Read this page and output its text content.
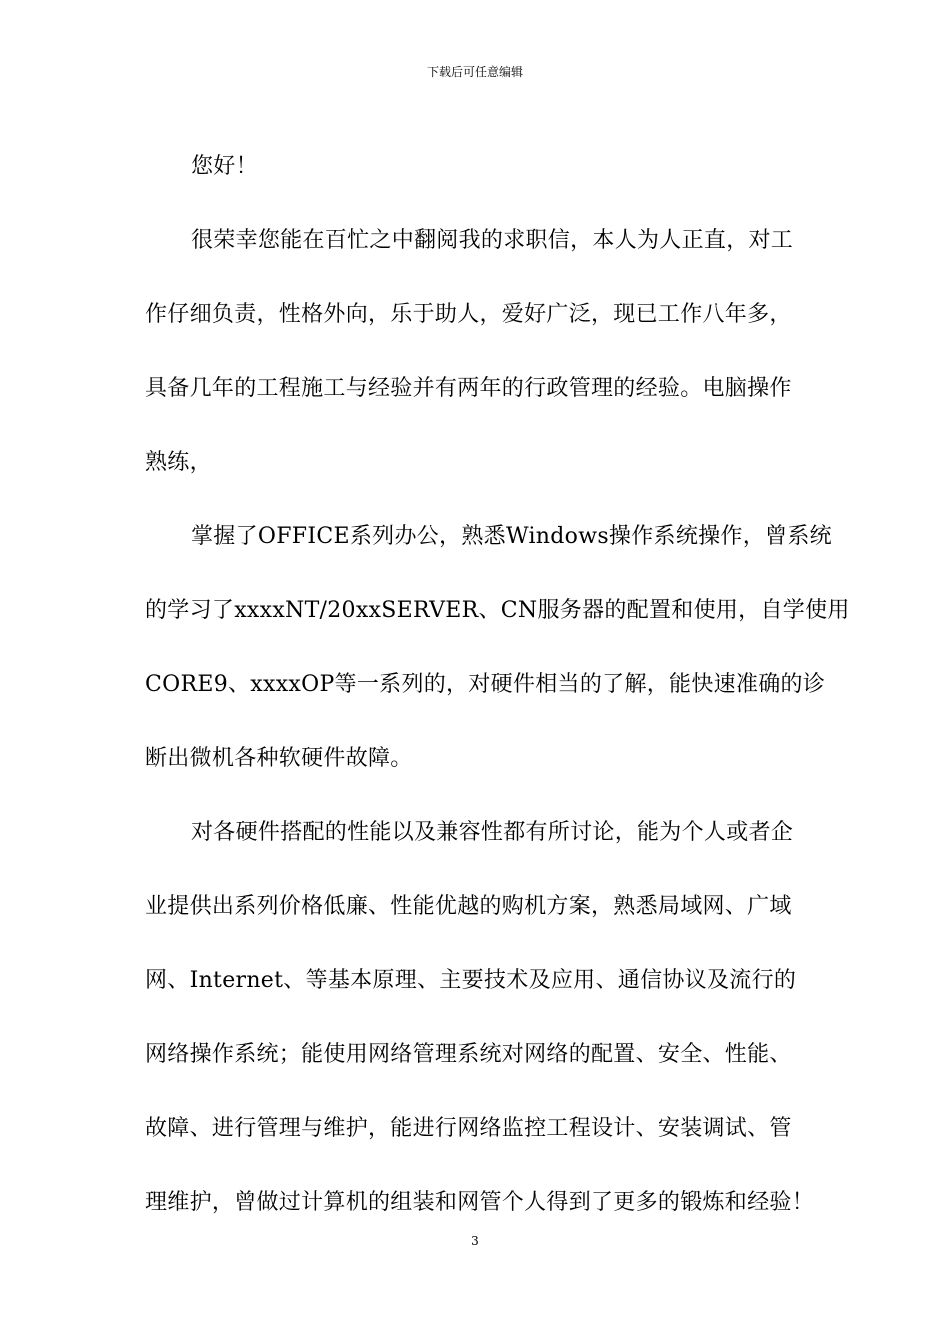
下载后可任意编辑
您好！
很荣幸您能在百忙之中翻阅我的求职信，本人为人正直，对工
作仔细负责，性格外向，乐于助人，爱好广泛，现已工作八年多，
具备几年的工程施工与经验并有两年的行政管理的经验。电脑操作
熟练，
掌握了OFFICE系列办公，熟悉Windows操作系统操作，曾系统
的学习了xxxxNT/20xxSERVER、CN服务器的配置和使用，自学使用
CORE9、xxxxOP等一系列的，对硬件相当的了解，能快速准确的诊
断出微机各种软硬件故障。
对各硬件搭配的性能以及兼容性都有所讨论，能为个人或者企
业提供出系列价格低廉、性能优越的购机方案，熟悉局域网、广域
网、Internet、等基本原理、主要技术及应用、通信协议及流行的
网络操作系统；能使用网络管理系统对网络的配置、安全、性能、
故障、进行管理与维护，能进行网络监控工程设计、安装调试、管
理维护，曾做过计算机的组装和网管个人得到了更多的锻炼和经验！
3
